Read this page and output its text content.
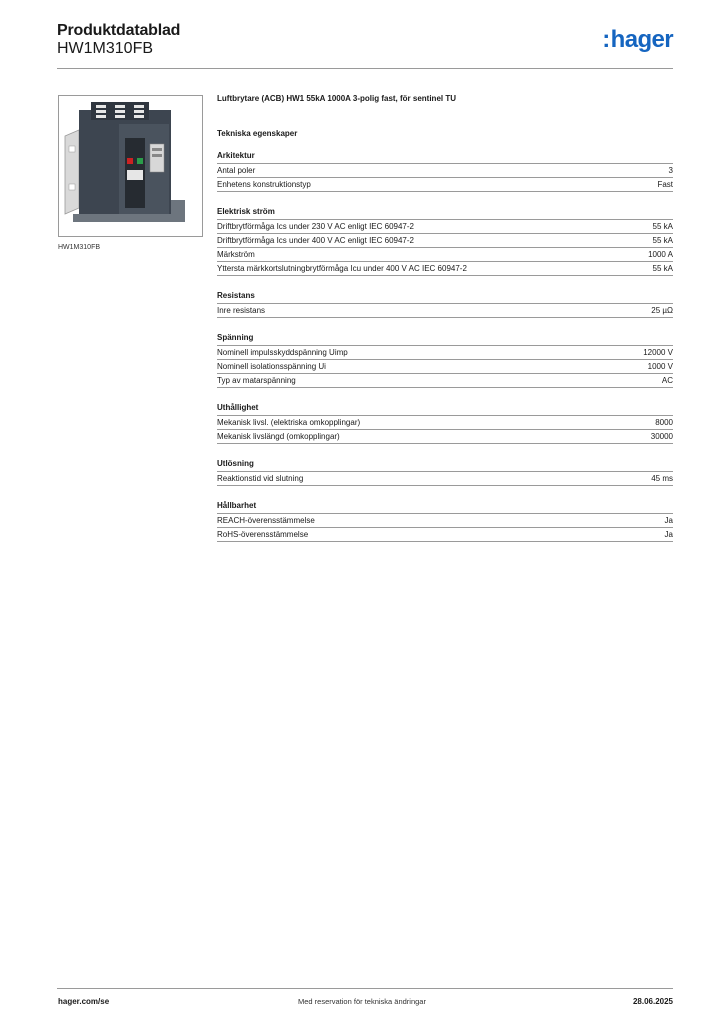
Produktdatablad
HW1M310FB	:hager
HW1M310FB
Luftbrytare (ACB) HW1 55kA 1000A 3-polig fast, för sentinel TU
Tekniska egenskaper
Arkitektur
Antal poler	3
Enhetens konstruktionstyp	Fast
Elektrisk ström
Driftbrytförmåga Ics under 230 V AC enligt IEC 60947-2	55 kA
Driftbrytförmåga Ics under 400 V AC enligt IEC 60947-2	55 kA
Märkström	1000 A
Yttersta märkkortslutningbrytförmåga Icu under 400 V AC IEC 60947-2	55 kA
Resistans
Inre resistans	25 µΩ
Spänning
Nominell impulsskyddspänning Uimp	12000 V
Nominell isolationsspänning Ui	1000 V
Typ av matarspänning	AC
Uthållighet
Mekanisk livsl. (elektriska omkopplingar)	8000
Mekanisk livslängd (omkopplingar)	30000
Utlösning
Reaktionstid vid slutning	45 ms
Hållbarhet
REACH-överensstämmelse	Ja
RoHS-överensstämmelse	Ja
hager.com/se	Med reservation för tekniska ändringar	28.06.2025
